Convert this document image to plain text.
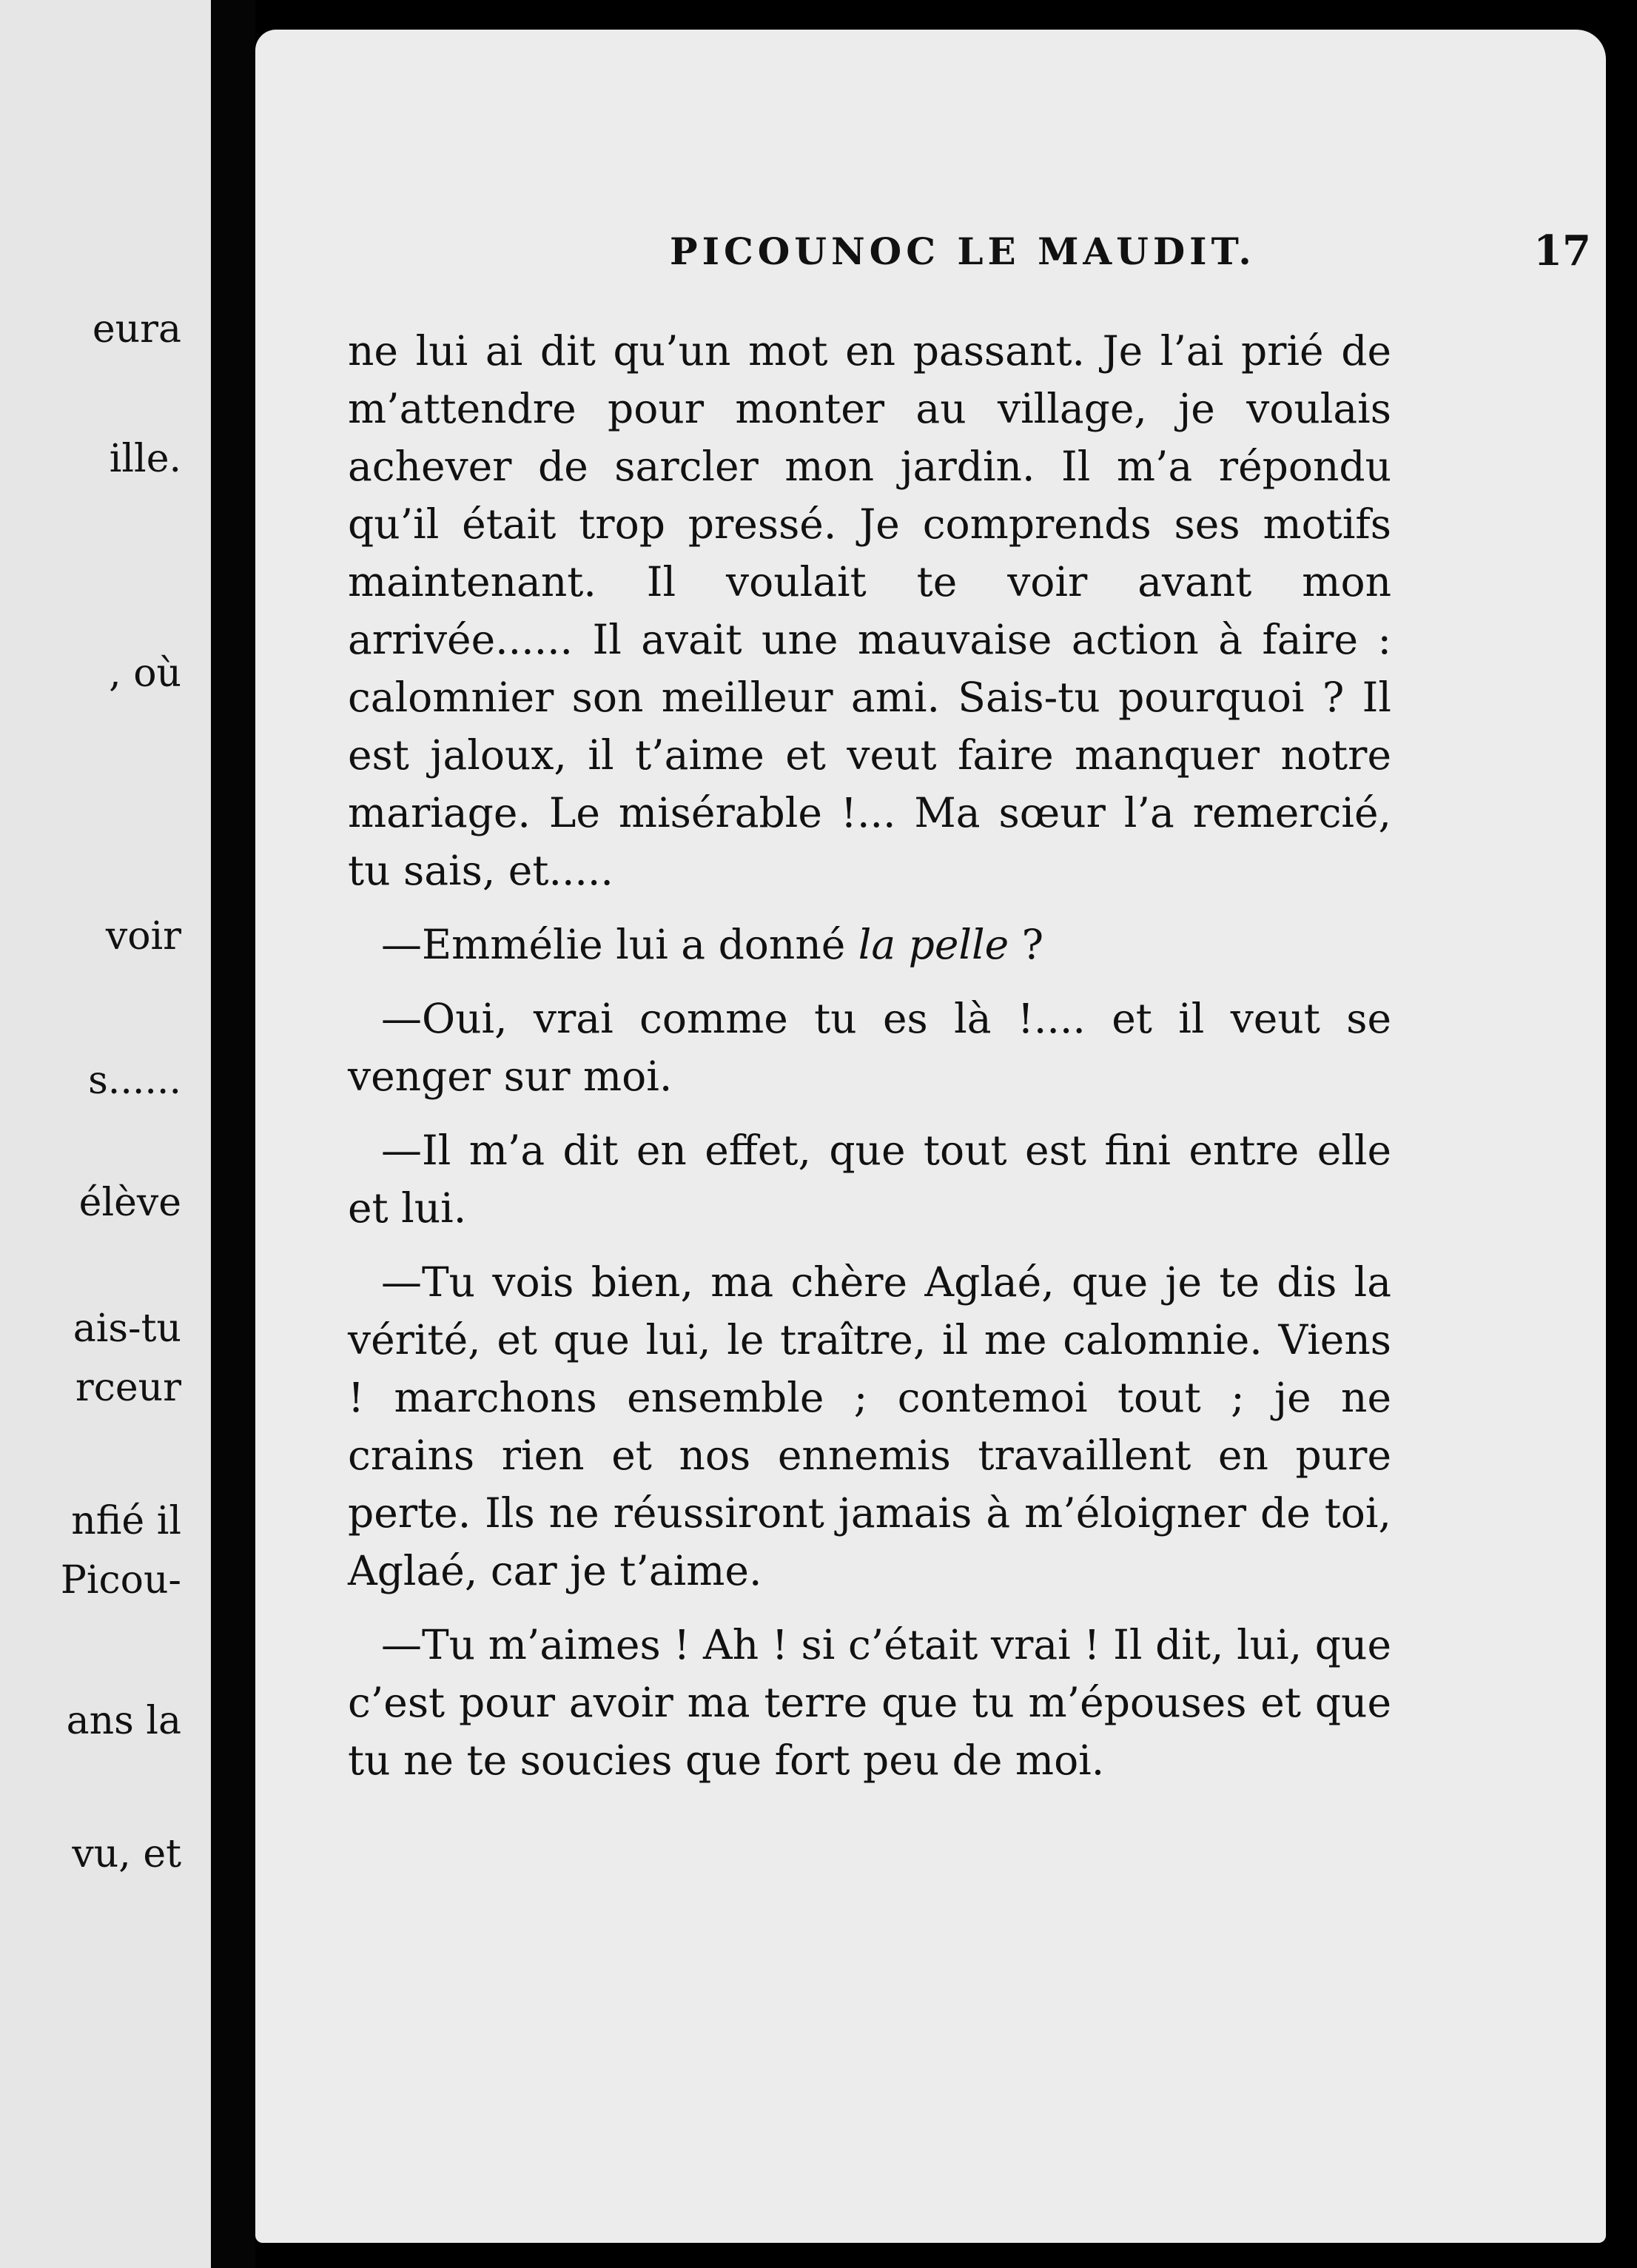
eura
ille.
, où
voir
s......
élève
ais-tu
rceur
nfié il
Picou-
ans la
vu, et
PICOUNOC LE MAUDIT.	17

ne lui ai dit qu’un mot en passant. Je l’ai prié de m’attendre pour monter au village, je voulais achever de sarcler mon jardin. Il m’a répondu qu’il était trop pressé. Je comprends ses motifs maintenant. Il voulait te voir avant mon arrivée...... Il avait une mauvaise action à faire : calomnier son meilleur ami. Sais-tu pourquoi ? Il est jaloux, il t’aime et veut faire manquer notre mariage. Le misérable !... Ma sœur l’a remercié, tu sais, et.....

—Emmélie lui a donné la pelle ?

—Oui, vrai comme tu es là !.... et il veut se venger sur moi.

—Il m’a dit en effet, que tout est fini entre elle et lui.

—Tu vois bien, ma chère Aglaé, que je te dis la vérité, et que lui, le traître, il me calomnie. Viens ! marchons ensemble ; contemoi tout ; je ne crains rien et nos ennemis travaillent en pure perte. Ils ne réussiront jamais à m’éloigner de toi, Aglaé, car je t’aime.

—Tu m’aimes ! Ah ! si c’était vrai ! Il dit, lui, que c’est pour avoir ma terre que tu m’épouses et que tu ne te soucies que fort peu de moi.
